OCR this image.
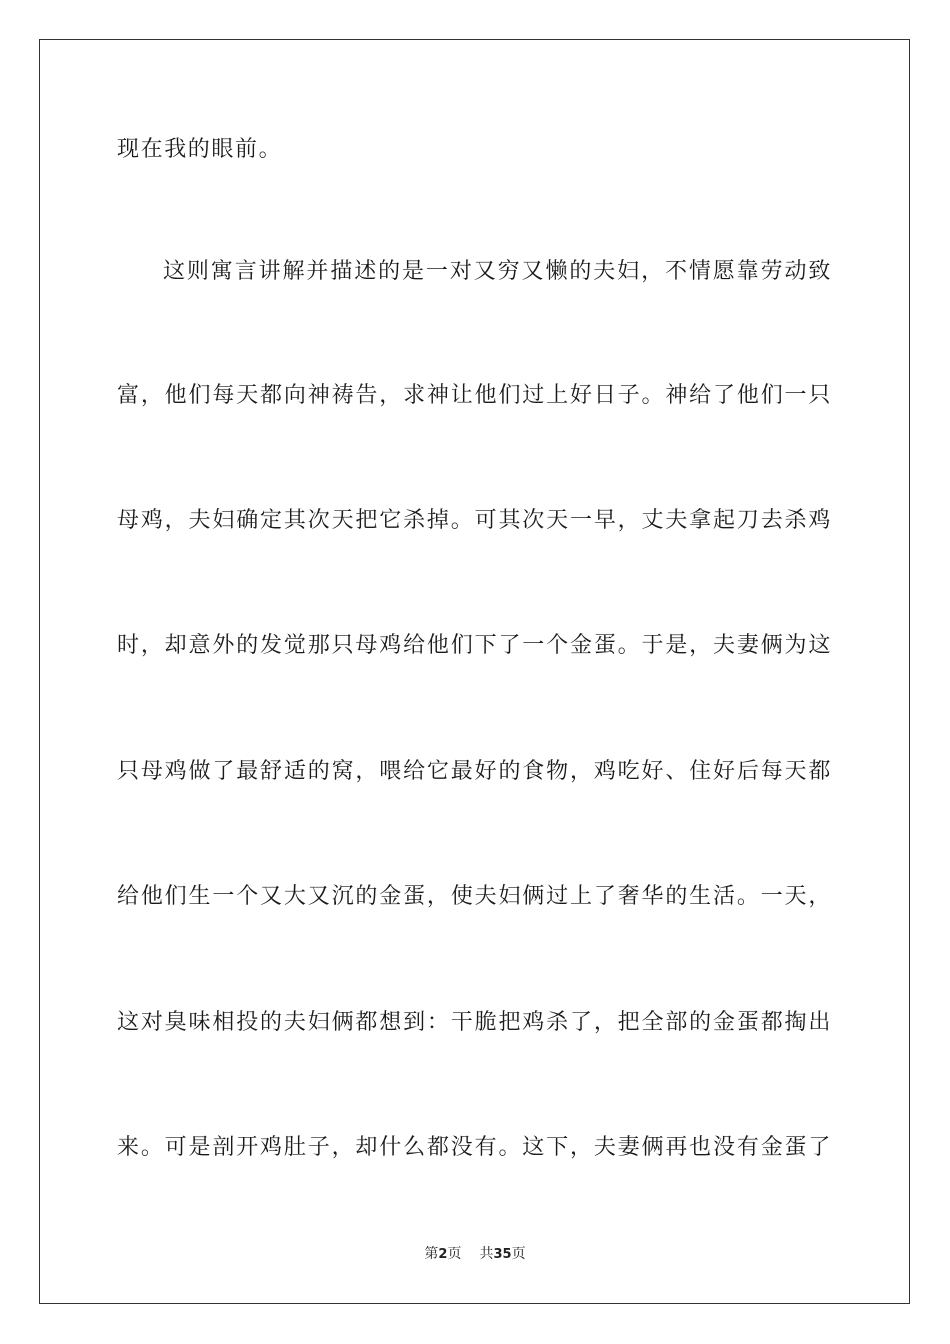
现在我的眼前。
这则寓言讲解并描述的是一对又穷又懒的夫妇，不情愿靠劳动致
富，他们每天都向神祷告，求神让他们过上好日子。神给了他们一只
母鸡，夫妇确定其次天把它杀掉。可其次天一早，丈夫拿起刀去杀鸡
时，却意外的发觉那只母鸡给他们下了一个金蛋。于是，夫妻俩为这
只母鸡做了最舒适的窝，喂给它最好的食物，鸡吃好、住好后每天都
给他们生一个又大又沉的金蛋，使夫妇俩过上了奢华的生活。一天，
这对臭味相投的夫妇俩都想到：干脆把鸡杀了，把全部的金蛋都掏出
来。可是剖开鸡肚子，却什么都没有。这下，夫妻俩再也没有金蛋了
第2页 共35页
